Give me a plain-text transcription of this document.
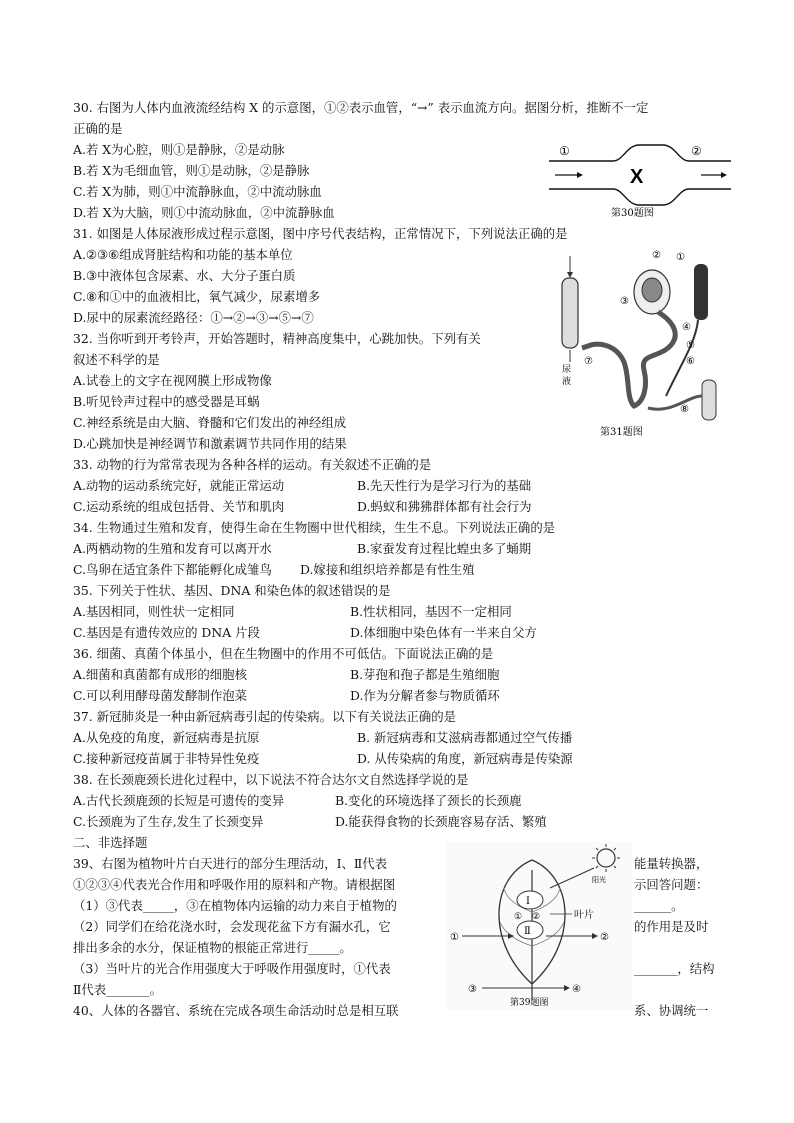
30. 右图为人体内血液流经结构 X 的示意图，①②表示血管，“→” 表示血流方向。据图分析，推断不一定
正确的是
A.若 X为心腔，则①是静脉，②是动脉
B.若 X为毛细血管，则①是动脉，②是静脉
C.若 X为肺，则①中流静脉血，②中流动脉血
D.若 X为大脑，则①中流动脉血，②中流静脉血
①	②
X
第30题图
31. 如图是人体尿液形成过程示意图，图中序号代表结构，正常情况下，下列说法正确的是
A.②③⑥组成肾脏结构和功能的基本单位
B.③中液体包含尿素、水、大分子蛋白质
C.⑧和①中的血液相比，氧气减少，尿素增多
D.尿中的尿素流经路径：①→②→③→⑤→⑦
尿
液
② ①
③
④
⑤
⑥
⑦
⑧
第31题图
32. 当你听到开考铃声，开始答题时，精神高度集中，心跳加快。下列有关
叙述不科学的是
A.试卷上的文字在视网膜上形成物像
B.听见铃声过程中的感受器是耳蜗
C.神经系统是由大脑、脊髓和它们发出的神经组成
D.心跳加快是神经调节和激素调节共同作用的结果
33. 动物的行为常常表现为各种各样的运动。有关叙述不正确的是
A.动物的运动系统完好，就能正常运动	B.先天性行为是学习行为的基础
C.运动系统的组成包括骨、关节和肌肉	D.蚂蚁和狒狒群体都有社会行为
34. 生物通过生殖和发育，使得生命在生物圈中世代相续，生生不息。下列说法正确的是
A.两栖动物的生殖和发育可以离开水	B.家蚕发育过程比蝗虫多了蛹期
C.鸟卵在适宜条件下都能孵化成雏鸟 D.嫁接和组织培养都是有性生殖
35. 下列关于性状、基因、DNA 和染色体的叙述错误的是
A.基因相同，则性状一定相同	B.性状相同，基因不一定相同
C.基因是有遗传效应的 DNA 片段	D.体细胞中染色体有一半来自父方
36. 细菌、真菌个体虽小，但在生物圈中的作用不可低估。下面说法正确的是
A.细菌和真菌都有成形的细胞核	B.芽孢和孢子都是生殖细胞
C.可以利用酵母菌发酵制作泡菜	D.作为分解者参与物质循环
37. 新冠肺炎是一种由新冠病毒引起的传染病。以下有关说法正确的是
A.从免疫的角度，新冠病毒是抗原	B. 新冠病毒和艾滋病毒都通过空气传播
C.接种新冠疫苗属于非特异性免疫	D. 从传染病的角度，新冠病毒是传染源
38. 在长颈鹿颈长进化过程中，以下说法不符合达尔文自然选择学说的是
A.古代长颈鹿颈的长短是可遗传的变异	B.变化的环境选择了颈长的长颈鹿
C.长颈鹿为了生存,发生了长颈变异	D.能获得食物的长颈鹿容易存活、繁殖
二、非选择题
39、右图为植物叶片白天进行的部分生理活动，Ⅰ、Ⅱ代表	能量转换器，
①②③④代表光合作用和呼吸作用的原料和产物。请根据图	示回答问题：
（1）③代表_____，③在植物体内运输的动力来自于植物的	______。
（2）同学们在给花浇水时，会发现花盆下方有漏水孔，它	的作用是及时
排出多余的水分，保证植物的根能正常进行_____。
（3）当叶片的光合作用强度大于呼吸作用强度时，①代表	_______，结构
Ⅱ代表_______。
阳光
Ⅰ
Ⅱ
① ②	叶片
①	②
③	④
第39题图
40、人体的各器官、系统在完成各项生命活动时总是相互联	系、协调统一
